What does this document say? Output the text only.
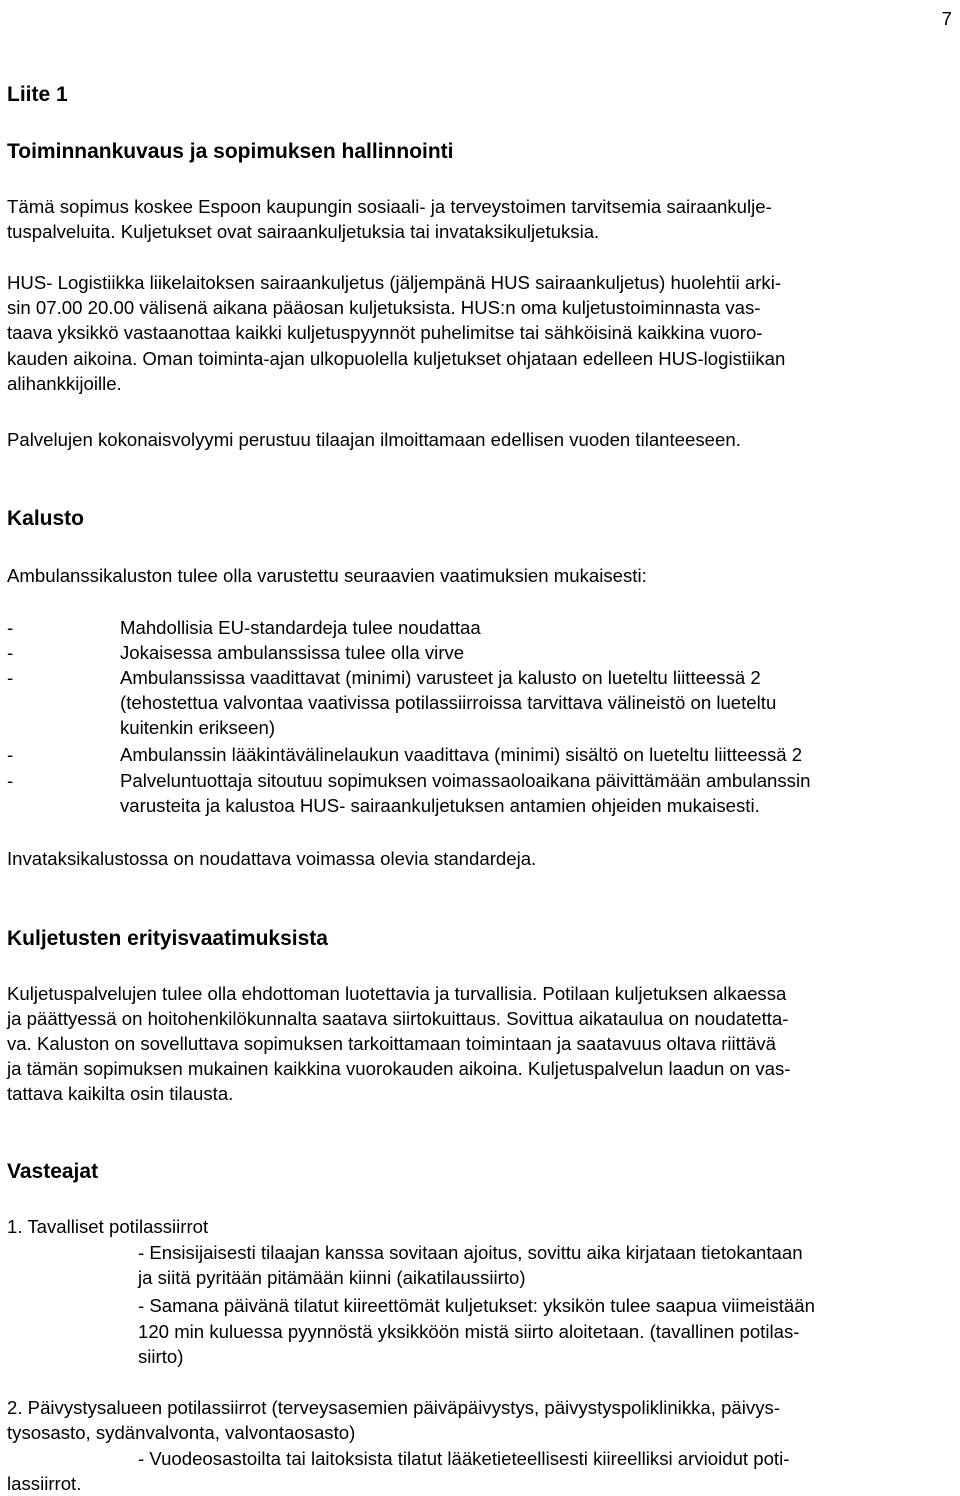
7
Liite 1
Toiminnankuvaus ja sopimuksen hallinnointi
Tämä sopimus koskee Espoon kaupungin sosiaali- ja terveystoimen tarvitsemia sairaankulje-
tuspalveluita. Kuljetukset ovat sairaankuljetuksia tai invataksikuljetuksia.
HUS- Logistiikka liikelaitoksen sairaankuljetus (jäljempänä HUS sairaankuljetus) huolehtii arki-
sin 07.00 20.00 välisenä aikana pääosan kuljetuksista. HUS:n oma kuljetustoiminnasta vas-
taava yksikkö vastaanottaa kaikki kuljetuspyynnöt puhelimitse tai sähköisinä kaikkina vuoro-
kauden aikoina. Oman toiminta-ajan ulkopuolella kuljetukset ohjataan edelleen HUS-logistiikan
alihankkijoille.
Palvelujen kokonaisvolyymi perustuu tilaajan ilmoittamaan edellisen vuoden tilanteeseen.
Kalusto
Ambulanssikaluston tulee olla varustettu seuraavien vaatimuksien mukaisesti:
-	Mahdollisia EU-standardeja tulee noudattaa
-	Jokaisessa ambulanssissa tulee olla virve
-	Ambulanssissa vaadittavat (minimi) varusteet ja kalusto on lueteltu liitteessä 2
(tehostettua valvontaa vaativissa potilassiirroissa tarvittava välineistö on lueteltu
kuitenkin erikseen)
-	Ambulanssin lääkintävälinelaukun vaadittava (minimi) sisältö on lueteltu liitteessä 2
-	Palveluntuottaja sitoutuu sopimuksen voimassaoloaikana päivittämään ambulanssin
varusteita ja kalustoa HUS- sairaankuljetuksen antamien ohjeiden mukaisesti.
Invataksikalustossa on noudattava voimassa olevia standardeja.
Kuljetusten erityisvaatimuksista
Kuljetuspalvelujen tulee olla ehdottoman luotettavia ja turvallisia. Potilaan kuljetuksen alkaessa
ja päättyessä on hoitohenkilökunnalta saatava siirtokuittaus. Sovittua aikataulua on noudatetta-
va. Kaluston on sovelluttava sopimuksen tarkoittamaan toimintaan ja saatavuus oltava riittävä
ja tämän sopimuksen mukainen kaikkina vuorokauden aikoina. Kuljetuspalvelun laadun on vas-
tattava kaikilta osin tilausta.
Vasteajat
1. Tavalliset potilassiirrot
- Ensisijaisesti tilaajan kanssa sovitaan ajoitus, sovittu aika kirjataan tietokantaan
ja siitä pyritään pitämään kiinni (aikatilaussiirto)
- Samana päivänä tilatut kiireettömät kuljetukset: yksikön tulee saapua viimeistään
120 min kuluessa pyynnöstä yksikköön mistä siirto aloitetaan. (tavallinen potilas-
siirto)
2. Päivystysalueen potilassiirrot (terveysasemien päiväpäivystys, päivystyspoliklinikka, päivys-
tysosasto, sydänvalvonta, valvontaosasto)
- Vuodeosastoilta tai laitoksista tilatut lääketieteellisesti kiireelliksi arvioidut poti-
lassiirrot.
